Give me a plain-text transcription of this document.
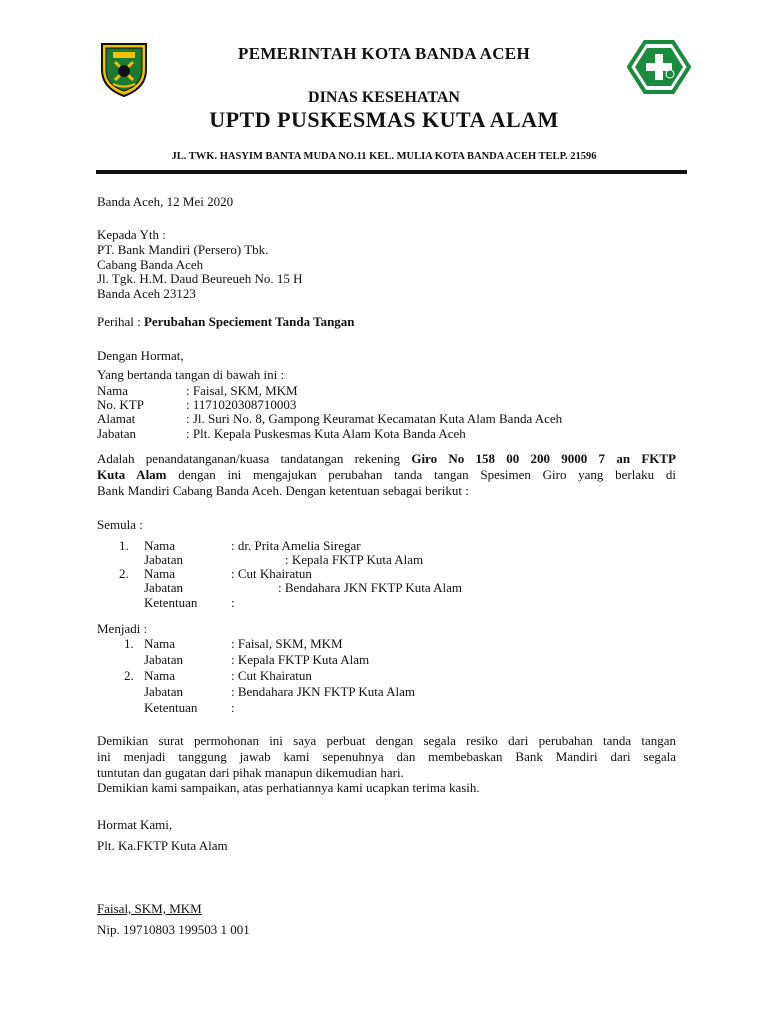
PEMERINTAH KOTA BANDA ACEH
DINAS KESEHATAN
UPTD PUSKESMAS KUTA ALAM
JL. TWK. HASYIM BANTA MUDA NO.11 KEL. MULIA KOTA BANDA ACEH TELP. 21596
Banda Aceh, 12 Mei 2020
Kepada Yth :
PT. Bank Mandiri (Persero) Tbk.
Cabang Banda Aceh
Jl. Tgk. H.M. Daud Beureueh No. 15 H
Banda Aceh 23123
Perihal : Perubahan Speciement Tanda Tangan
Dengan Hormat,
Yang bertanda tangan di bawah ini :
Nama	: Faisal, SKM, MKM
No. KTP	: 1171020308710003
Alamat	: Jl. Suri No. 8, Gampong Keuramat Kecamatan Kuta Alam Banda Aceh
Jabatan	: Plt. Kepala Puskesmas Kuta Alam Kota Banda Aceh
Adalah penandatanganan/kuasa tandatangan rekening Giro No 158 00 200 9000 7 an FKTP
Kuta Alam dengan ini mengajukan perubahan tanda tangan Spesimen Giro yang berlaku di
Bank Mandiri Cabang Banda Aceh. Dengan ketentuan sebagai berikut :
Semula :
1. Nama	: dr. Prita Amelia Siregar
Jabatan	: Kepala FKTP Kuta Alam
2. Nama	: Cut Khairatun
Jabatan	: Bendahara JKN FKTP Kuta Alam
Ketentuan	:
Menjadi :
1. Nama	: Faisal, SKM, MKM
Jabatan	: Kepala FKTP Kuta Alam
2. Nama	: Cut Khairatun
Jabatan	: Bendahara JKN FKTP Kuta Alam
Ketentuan	:
Demikian surat permohonan ini saya perbuat dengan segala resiko dari perubahan tanda tangan
ini menjadi tanggung jawab kami sepenuhnya dan membebaskan Bank Mandiri dari segala
tuntutan dan gugatan dari pihak manapun dikemudian hari.
Demikian kami sampaikan, atas perhatiannya kami ucapkan terima kasih.
Hormat Kami,
Plt. Ka.FKTP Kuta Alam
Faisal, SKM, MKM
Nip. 19710803 199503 1 001
